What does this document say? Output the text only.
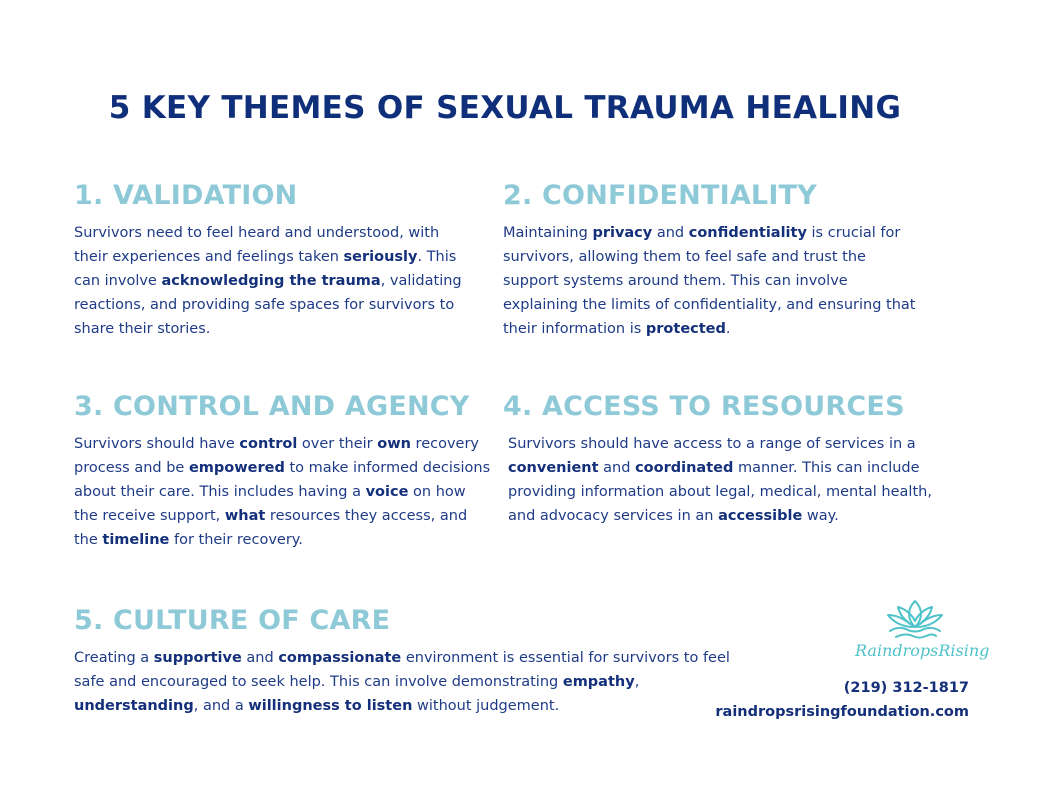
5 KEY THEMES OF SEXUAL TRAUMA HEALING
1. VALIDATION

Survivors need to feel heard and understood, with their experiences and feelings taken seriously. This can involve acknowledging the trauma, validating reactions, and providing safe spaces for survivors to share their stories.

2. CONFIDENTIALITY

Maintaining privacy and confidentiality is crucial for survivors, allowing them to feel safe and trust the support systems around them. This can involve explaining the limits of confidentiality, and ensuring that their information is protected.

3. CONTROL AND AGENCY

Survivors should have control over their own recovery process and be empowered to make informed decisions about their care. This includes having a voice on how the receive support, what resources they access, and the timeline for their recovery.

4. ACCESS TO RESOURCES

Survivors should have access to a range of services in a convenient and coordinated manner. This can include providing information about legal, medical, mental health, and advocacy services in an accessible way.

5. CULTURE OF CARE

Creating a supportive and compassionate environment is essential for survivors to feel safe and encouraged to seek help. This can involve demonstrating empathy, understanding, and a willingness to listen without judgement.

RaindropsRising
(219) 312-1817
raindropsrisingfoundation.com
